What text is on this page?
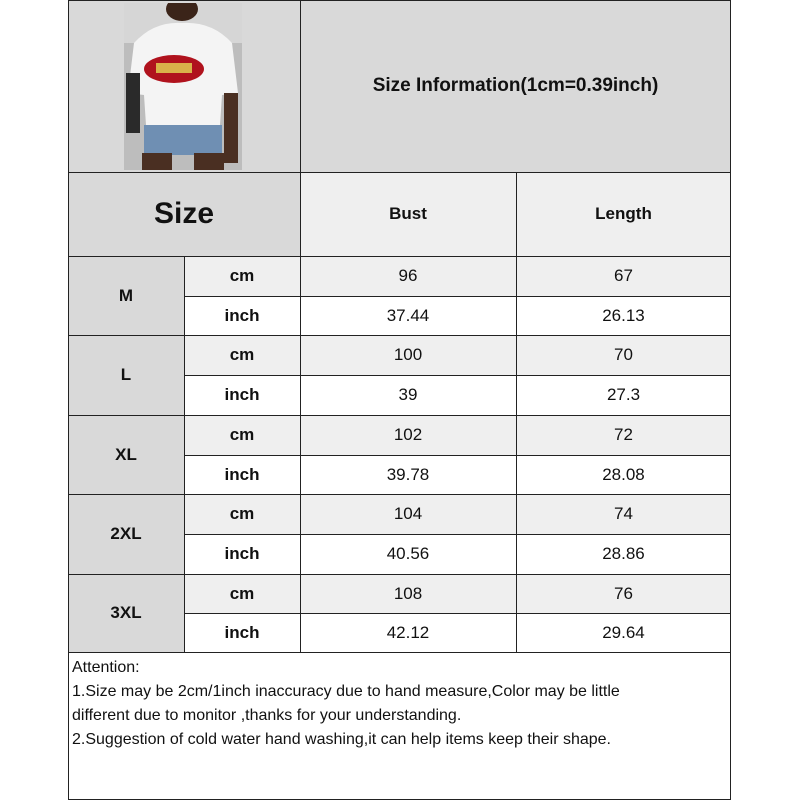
Size Information(1cm=0.39inch)
Size	Bust	Length
M
cm	96	67
inch	37.44	26.13
L
cm	100	70
inch	39	27.3
XL
cm	102	72
inch	39.78	28.08
2XL
cm	104	74
inch	40.56	28.86
3XL
cm	108	76
inch	42.12	29.64
Attention:
1.Size may be 2cm/1inch inaccuracy due to hand measure,Color may be little
different due to monitor ,thanks for your understanding.
2.Suggestion of cold water hand washing,it can help items keep their shape.
